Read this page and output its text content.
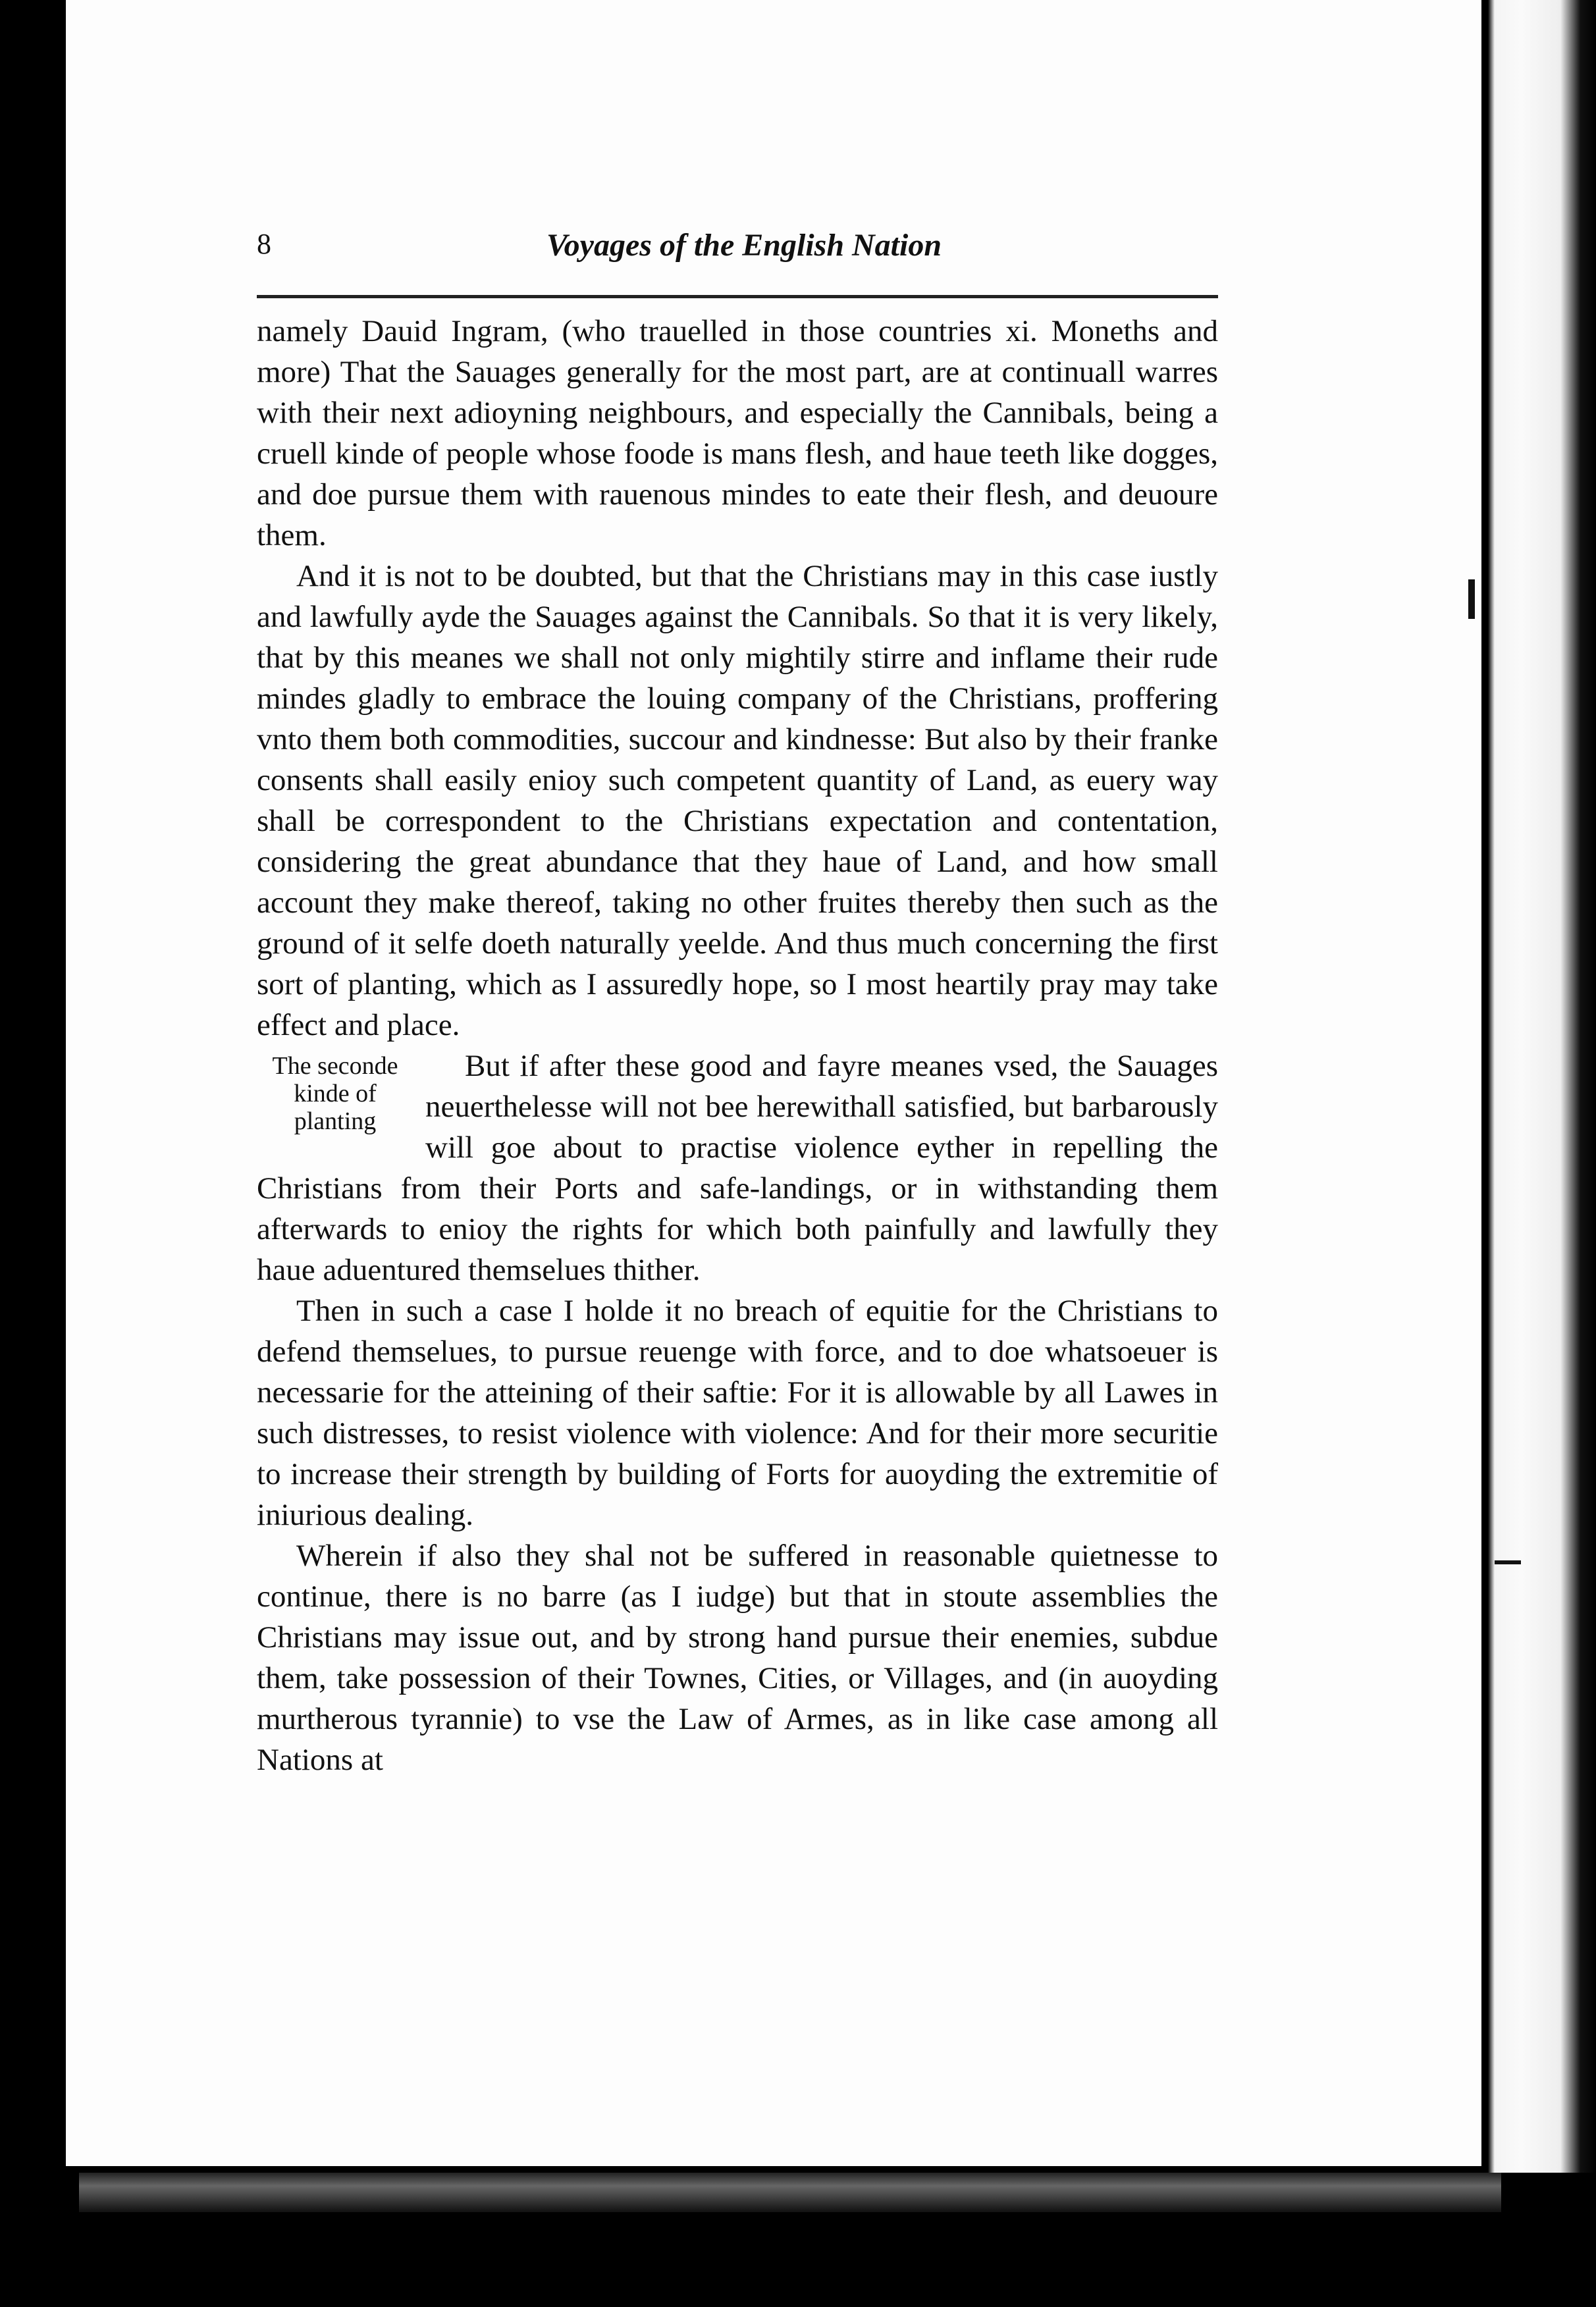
8	Voyages of the English Nation

namely Dauid Ingram, (who trauelled in those countries xi. Moneths and more) That the Sauages generally for the most part, are at continuall warres with their next adioyning neighbours, and especially the Cannibals, being a cruell kinde of people whose foode is mans flesh, and haue teeth like dogges, and doe pursue them with rauenous mindes to eate their flesh, and deuoure them.

And it is not to be doubted, but that the Christians may in this case iustly and lawfully ayde the Sauages against the Cannibals. So that it is very likely, that by this meanes we shall not only mightily stirre and inflame their rude mindes gladly to embrace the louing company of the Christians, proffering vnto them both commodities, succour and kindnesse: But also by their franke consents shall easily enioy such competent quantity of Land, as euery way shall be correspondent to the Christians expectation and contentation, considering the great abundance that they haue of Land, and how small account they make thereof, taking no other fruites thereby then such as the ground of it selfe doeth naturally yeelde. And thus much concerning the first sort of planting, which as I assuredly hope, so I most heartily pray may take effect and place.

But if after these good and fayre meanes vsed, the Sauages
The seconde
kinde of
planting	neuerthelesse will not bee herewithall satisfied, but barbarously will goe about to practise violence eyther in repelling the Christians from their Ports and safe-landings, or in withstanding them afterwards to enioy the rights for which both painfully and lawfully they haue aduentured themselues thither.

Then in such a case I holde it no breach of equitie for the Christians to defend themselues, to pursue reuenge with force, and to doe whatsoeuer is necessarie for the atteining of their saftie: For it is allowable by all Lawes in such distresses, to resist violence with violence: And for their more securitie to increase their strength by building of Forts for auoyding the extremitie of iniurious dealing.

Wherein if also they shal not be suffered in reasonable quietnesse to continue, there is no barre (as I iudge) but that in stoute assemblies the Christians may issue out, and by strong hand pursue their enemies, subdue them, take possession of their Townes, Cities, or Villages, and (in auoyding murtherous tyrannie) to vse the Law of Armes, as in like case among all Nations at
